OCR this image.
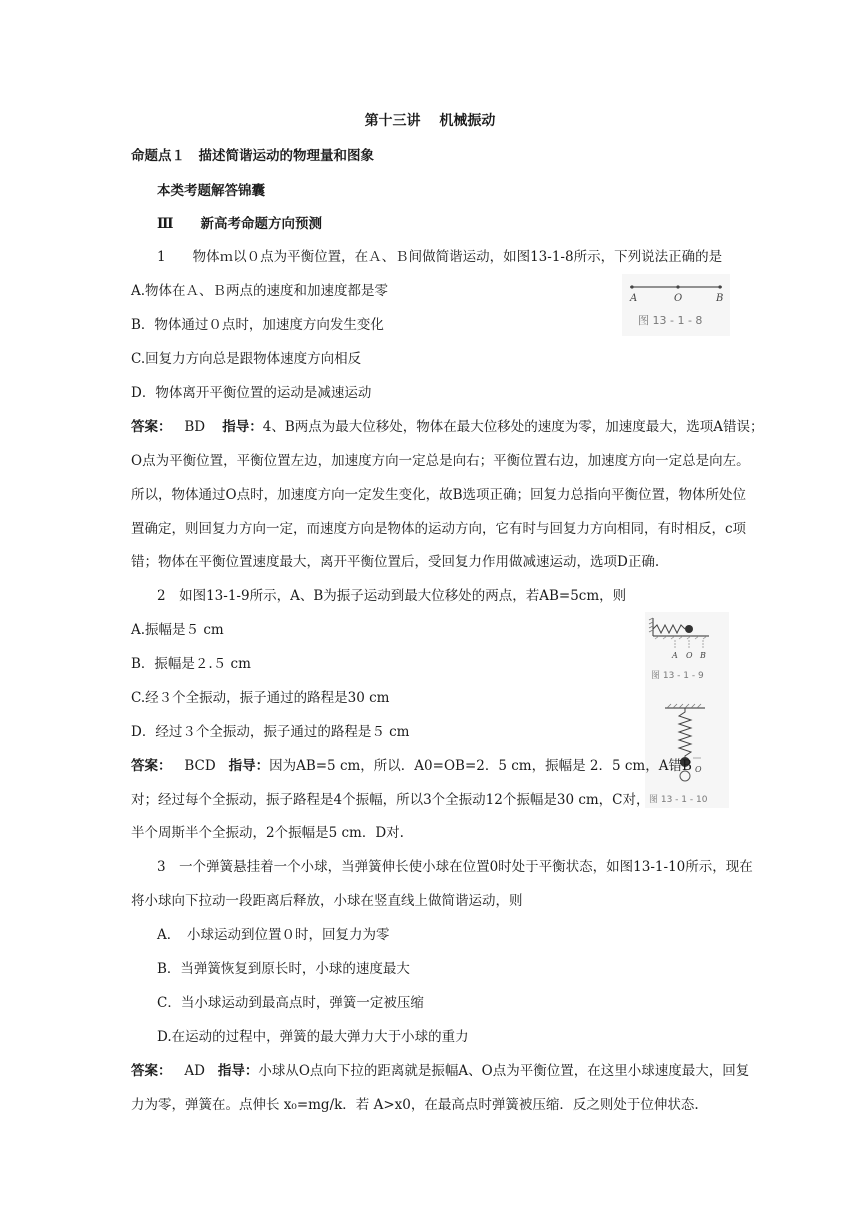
第十三讲　 机械振动
命题点１　描述简谐运动的物理量和图象
本类考题解答锦囊
Ⅲ　　新高考命题方向预测
1　　物体ｍ以０点为平衡位置，在Ａ、Ｂ间做简谐运动，如图13-1-8所示，下列说法正确的是
A.物体在Ａ、Ｂ两点的速度和加速度都是零
B．物体通过０点时，加速度方向发生变化
C.回复力方向总是跟物体速度方向相反
D．物体离开平衡位置的运动是减速运动
A	O	B
图 13 - 1 - 8
答案： BD 指导：4、B两点为最大位移处，物体在最大位移处的速度为零，加速度最大，选项A错误；
O点为平衡位置，平衡位置左边，加速度方向一定总是向右；平衡位置右边，加速度方向一定总是向左。
所以，物体通过O点时，加速度方向一定发生变化，故B选项正确；回复力总指向平衡位置，物体所处位
置确定，则回复力方向一定，而速度方向是物体的运动方向，它有时与回复力方向相同，有时相反，c项
错；物体在平衡位置速度最大，离开平衡位置后，受回复力作用做减速运动，选项D正确.
2　如图13-1-9所示，A、B为振子运动到最大位移处的两点，若AB=5cm，则
A.振幅是５ cm
B．振幅是２.５ cm
C.经３个全振动，振子通过的路程是30 cm
D．经过３个全振动，振子通过的路程是５ cm
A O B
图 13 - 1 - 9
O
图 13 - 1 - 10
答案： BCD 指导：因为AB=5 cm，所以．A0=OB=2．5 cm，振幅是 2．5 cm，A错B
对；经过每个全振动，振子路程是4个振幅，所以3个全振动12个振幅是30 cm，C对，
半个周斯半个全振动，2个振幅是5 cm．D对.
3　一个弹簧悬挂着一个小球，当弹簧伸长使小球在位置0时处于平衡状态，如图13-1-10所示，现在
将小球向下拉动一段距离后释放，小球在竖直线上做简谐运动，则
A．　小球运动到位置０时，回复力为零
B．当弹簧恢复到原长时，小球的速度最大
C．当小球运动到最高点时，弹簧一定被压缩
D.在运动的过程中，弹簧的最大弹力大于小球的重力
答案： AD 指导：小球从O点向下拉的距离就是振幅A、O点为平衡位置，在这里小球速度最大，回复
力为零，弹簧在。点伸长 x₀=mg/k．若 A>x0，在最高点时弹簧被压缩．反之则处于位伸状态.
